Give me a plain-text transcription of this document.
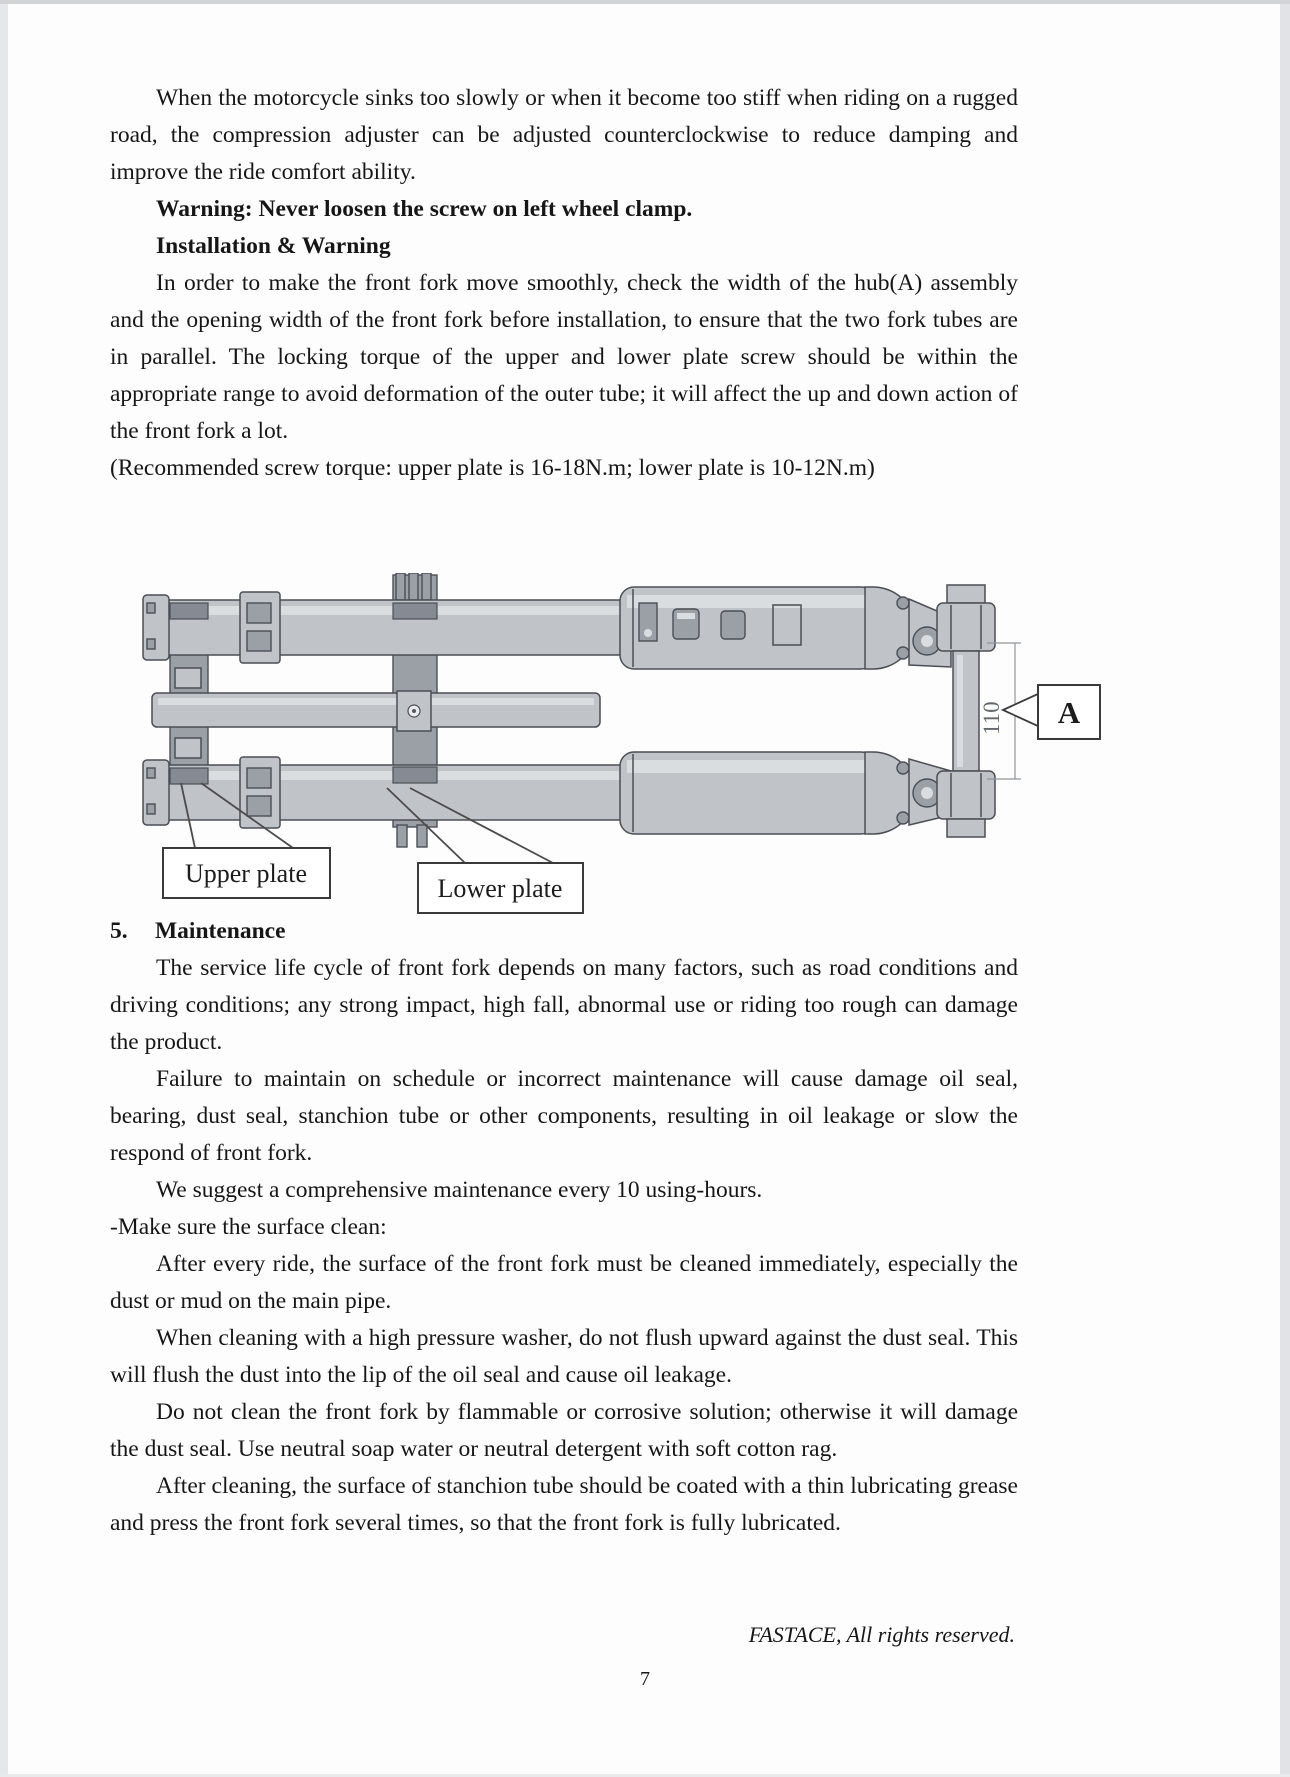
When the motorcycle sinks too slowly or when it become too stiff when riding on a rugged road, the compression adjuster can be adjusted counterclockwise to reduce damping and improve the ride comfort ability.

Warning: Never loosen the screw on left wheel clamp.

Installation & Warning

In order to make the front fork move smoothly, check the width of the hub(A) assembly and the opening width of the front fork before installation, to ensure that the two fork tubes are in parallel. The locking torque of the upper and lower plate screw should be within the appropriate range to avoid deformation of the outer tube; it will affect the up and down action of the front fork a lot.

(Recommended screw torque: upper plate is 16-18N.m; lower plate is 10-12N.m)

5. Maintenance

The service life cycle of front fork depends on many factors, such as road conditions and driving conditions; any strong impact, high fall, abnormal use or riding too rough can damage the product.

Failure to maintain on schedule or incorrect maintenance will cause damage oil seal, bearing, dust seal, stanchion tube or other components, resulting in oil leakage or slow the respond of front fork.

We suggest a comprehensive maintenance every 10 using-hours.

-Make sure the surface clean:

After every ride, the surface of the front fork must be cleaned immediately, especially the dust or mud on the main pipe.

When cleaning with a high pressure washer, do not flush upward against the dust seal. This will flush the dust into the lip of the oil seal and cause oil leakage.

Do not clean the front fork by flammable or corrosive solution; otherwise it will damage the dust seal. Use neutral soap water or neutral detergent with soft cotton rag.

After cleaning, the surface of stanchion tube should be coated with a thin lubricating grease and press the front fork several times, so that the front fork is fully lubricated.

110 A
Upper plate
Lower plate
FASTACE, All rights reserved.
7
